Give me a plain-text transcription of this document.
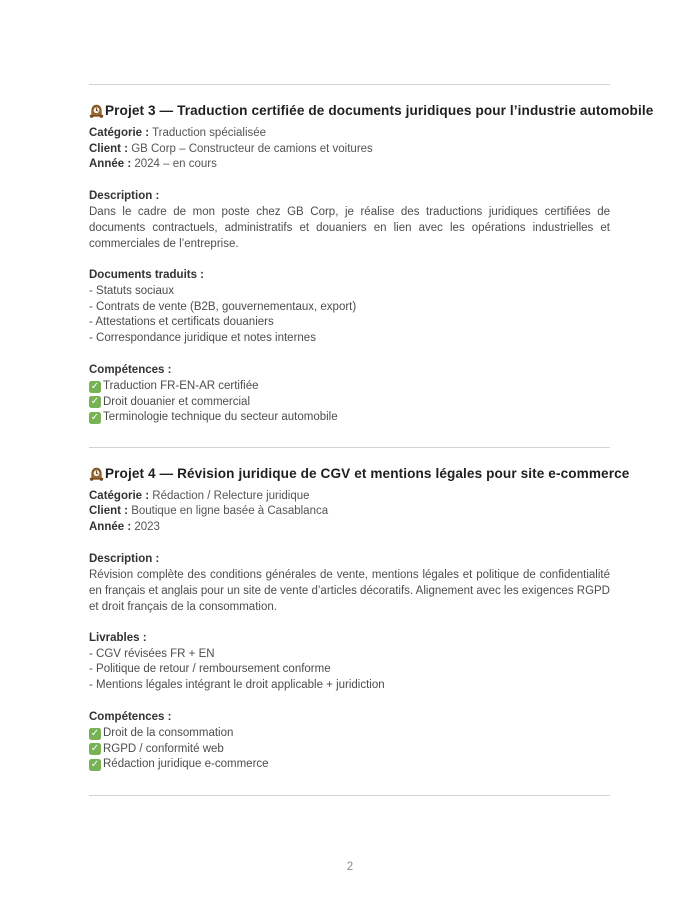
Projet 3 — Traduction certifiée de documents juridiques pour l’industrie automobile

Catégorie : Traduction spécialisée

Client : GB Corp – Constructeur de camions et voitures

Année : 2024 – en cours

Description :

Dans le cadre de mon poste chez GB Corp, je réalise des traductions juridiques certifiées de documents contractuels, administratifs et douaniers en lien avec les opérations industrielles et commerciales de l’entreprise.

Documents traduits :

- Statuts sociaux

- Contrats de vente (B2B, gouvernementaux, export)

- Attestations et certificats douaniers

- Correspondance juridique et notes internes

Compétences :

✓ Traduction FR-EN-AR certifiée

✓ Droit douanier et commercial

✓ Terminologie technique du secteur automobile

Projet 4 — Révision juridique de CGV et mentions légales pour site e-commerce

Catégorie : Rédaction / Relecture juridique

Client : Boutique en ligne basée à Casablanca

Année : 2023

Description :

Révision complète des conditions générales de vente, mentions légales et politique de confidentialité en français et anglais pour un site de vente d’articles décoratifs. Alignement avec les exigences RGPD et droit français de la consommation.

Livrables :

- CGV révisées FR + EN

- Politique de retour / remboursement conforme

- Mentions légales intégrant le droit applicable + juridiction

Compétences :

✓ Droit de la consommation

✓ RGPD / conformité web

✓ Rédaction juridique e-commerce

2
